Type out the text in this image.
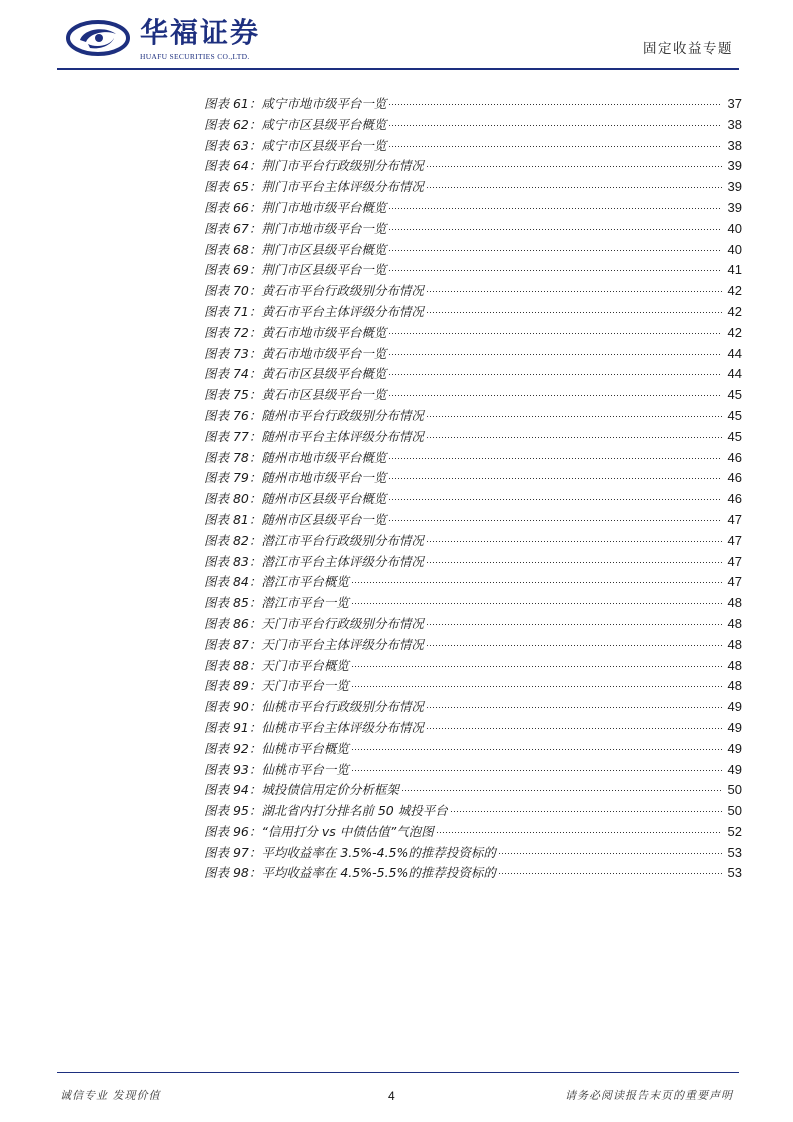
华福证券
HUAFU SECURITIES CO.,LTD.	固定收益专题
图表 61：咸宁市地市级平台一览	37
图表 62：咸宁市区县级平台概览	38
图表 63：咸宁市区县级平台一览	38
图表 64：荆门市平台行政级别分布情况	39
图表 65：荆门市平台主体评级分布情况	39
图表 66：荆门市地市级平台概览	39
图表 67：荆门市地市级平台一览	40
图表 68：荆门市区县级平台概览	40
图表 69：荆门市区县级平台一览	41
图表 70：黄石市平台行政级别分布情况	42
图表 71：黄石市平台主体评级分布情况	42
图表 72：黄石市地市级平台概览	42
图表 73：黄石市地市级平台一览	44
图表 74：黄石市区县级平台概览	44
图表 75：黄石市区县级平台一览	45
图表 76：随州市平台行政级别分布情况	45
图表 77：随州市平台主体评级分布情况	45
图表 78：随州市地市级平台概览	46
图表 79：随州市地市级平台一览	46
图表 80：随州市区县级平台概览	46
图表 81：随州市区县级平台一览	47
图表 82：潜江市平台行政级别分布情况	47
图表 83：潜江市平台主体评级分布情况	47
图表 84：潜江市平台概览	47
图表 85：潜江市平台一览	48
图表 86：天门市平台行政级别分布情况	48
图表 87：天门市平台主体评级分布情况	48
图表 88：天门市平台概览	48
图表 89：天门市平台一览	48
图表 90：仙桃市平台行政级别分布情况	49
图表 91：仙桃市平台主体评级分布情况	49
图表 92：仙桃市平台概览	49
图表 93：仙桃市平台一览	49
图表 94：城投债信用定价分析框架	50
图表 95：湖北省内打分排名前 50 城投平台	50
图表 96：“信用打分 vs 中债估值”气泡图	52
图表 97：平均收益率在 3.5%-4.5%的推荐投资标的	53
图表 98：平均收益率在 4.5%-5.5%的推荐投资标的	53
诚信专业 发现价值	4	请务必阅读报告末页的重要声明
